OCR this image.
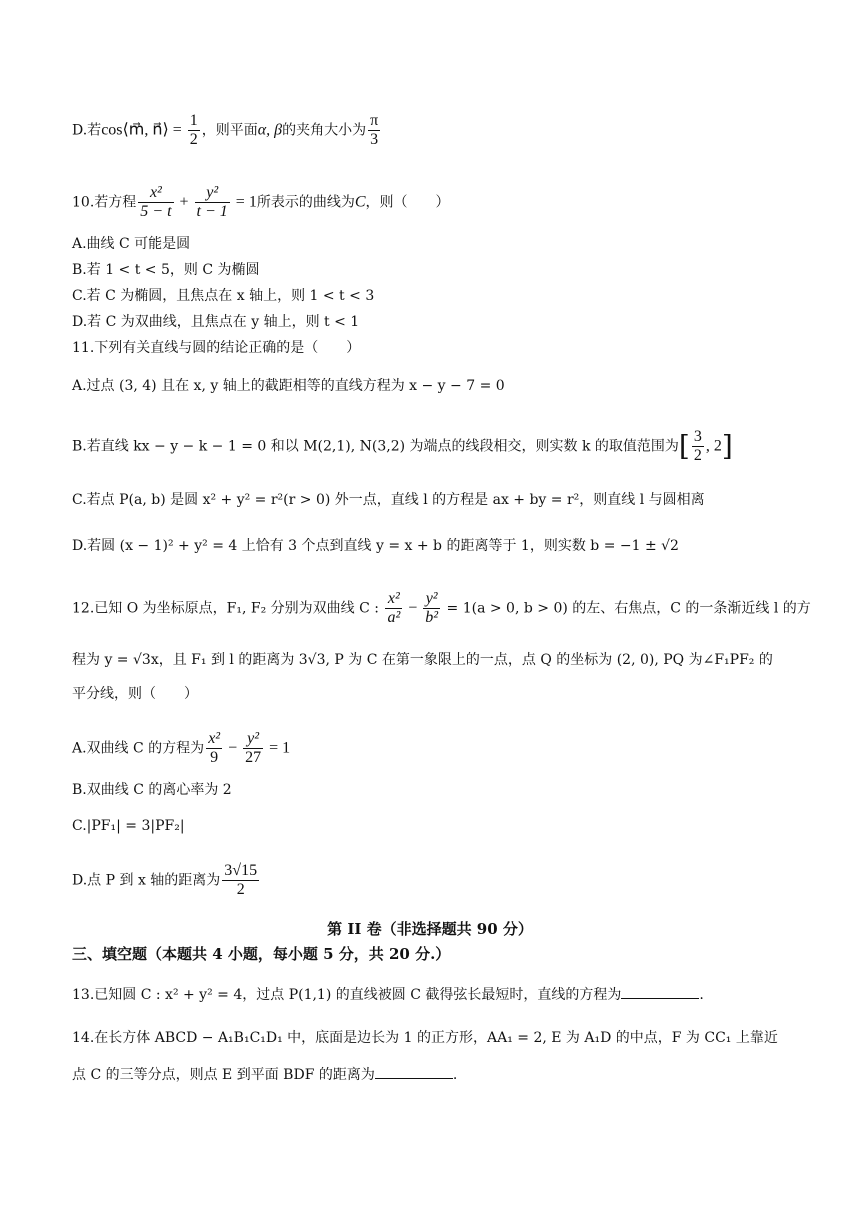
D.若cos⟨m⃗, n⃗⟩ = $\frac{1}{2}$ ，则平面α, β的夹角大小为 $\frac{\pi}{3}$
10.若方程 $\frac{\text{x²}}{5 - t} + \frac{\text{y²}}{t - 1} = 1$所表示的曲线为C，则（　　）
A.曲线 C 可能是圆
B.若 1 < t < 5，则 C 为椭圆
C.若 C 为椭圆，且焦点在 x 轴上，则 1 < t < 3
D.若 C 为双曲线，且焦点在 y 轴上，则 t < 1
11.下列有关直线与圆的结论正确的是（　　）
A.过点 (3, 4) 且在 x, y 轴上的截距相等的直线方程为 x − y − 7 = 0
B.若直线 kx − y − k − 1 = 0 和以 M(2,1), N(3,2) 为端点的线段相交，则实数 k 的取值范围为[ $\frac{3}{2}$ , 2]
C.若点 P(a, b) 是圆 x² + y² = r²(r > 0) 外一点，直线 l 的方程是 ax + by = r²，则直线 l 与圆相离
D.若圆 (x − 1)² + y² = 4 上恰有 3 个点到直线 y = x + b 的距离等于 1，则实数 b = −1 ± √2
12.已知 O 为坐标原点，F₁, F₂ 分别为双曲线 C : $\frac{\text{x²}}{\text{a²}} - \frac{\text{y²}}{\text{b²}} = 1(a > 0$, b > 0) 的左、右焦点，C 的一条渐近线 l 的方
程为 y = √3x，且 F₁ 到 l 的距离为 3√3, P 为 C 在第一象限上的一点，点 Q 的坐标为 (2, 0), PQ 为∠F₁PF₂ 的
平分线，则（　　）
A.双曲线 C 的方程为 $\frac{\text{x²}}{9} - \frac{\text{y²}}{27} = 1$
B.双曲线 C 的离心率为 2
C.|PF₁| = 3|PF₂|
D.点 P 到 x 轴的距离为 $\frac{3√15}{2}$
第 II 卷（非选择题共 90 分）
三、填空题（本题共 4 小题，每小题 5 分，共 20 分.）
13.已知圆 C : x² + y² = 4，过点 P(1,1) 的直线被圆 C 截得弦长最短时，直线的方程为	.
14.在长方体 ABCD − A₁B₁C₁D₁ 中，底面是边长为 1 的正方形，AA₁ = 2, E 为 A₁D 的中点，F 为 CC₁ 上靠近
点 C 的三等分点，则点 E 到平面 BDF 的距离为	.
